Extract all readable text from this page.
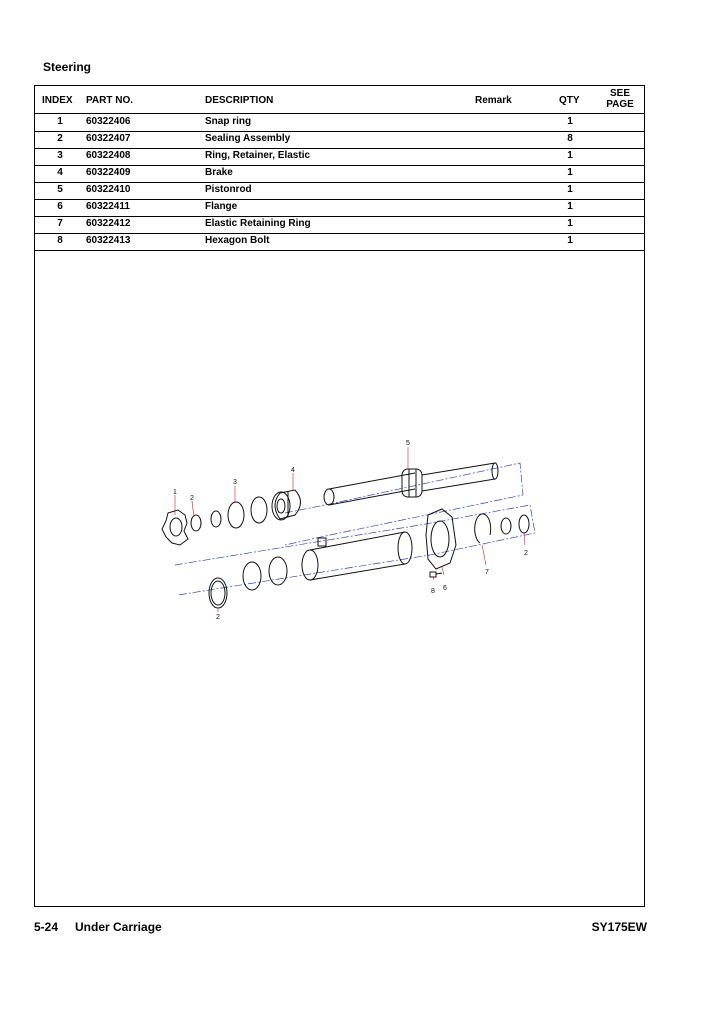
Steering
INDEX PART NO.	DESCRIPTION	Remark	QTY
SEE
PAGE
1	60322406	Snap ring	1
2	60322407	Sealing Assembly	8
3	60322408	Ring, Retainer, Elastic	1
4	60322409	Brake	1
5	60322410	Pistonrod	1
6	60322411	Flange	1
7	60322412	Elastic Retaining Ring	1
8	60322413	Hexagon Bolt	1
1
2
3
4
5
2
6
7
8
2
5-24 Under Carriage	SY175EW
